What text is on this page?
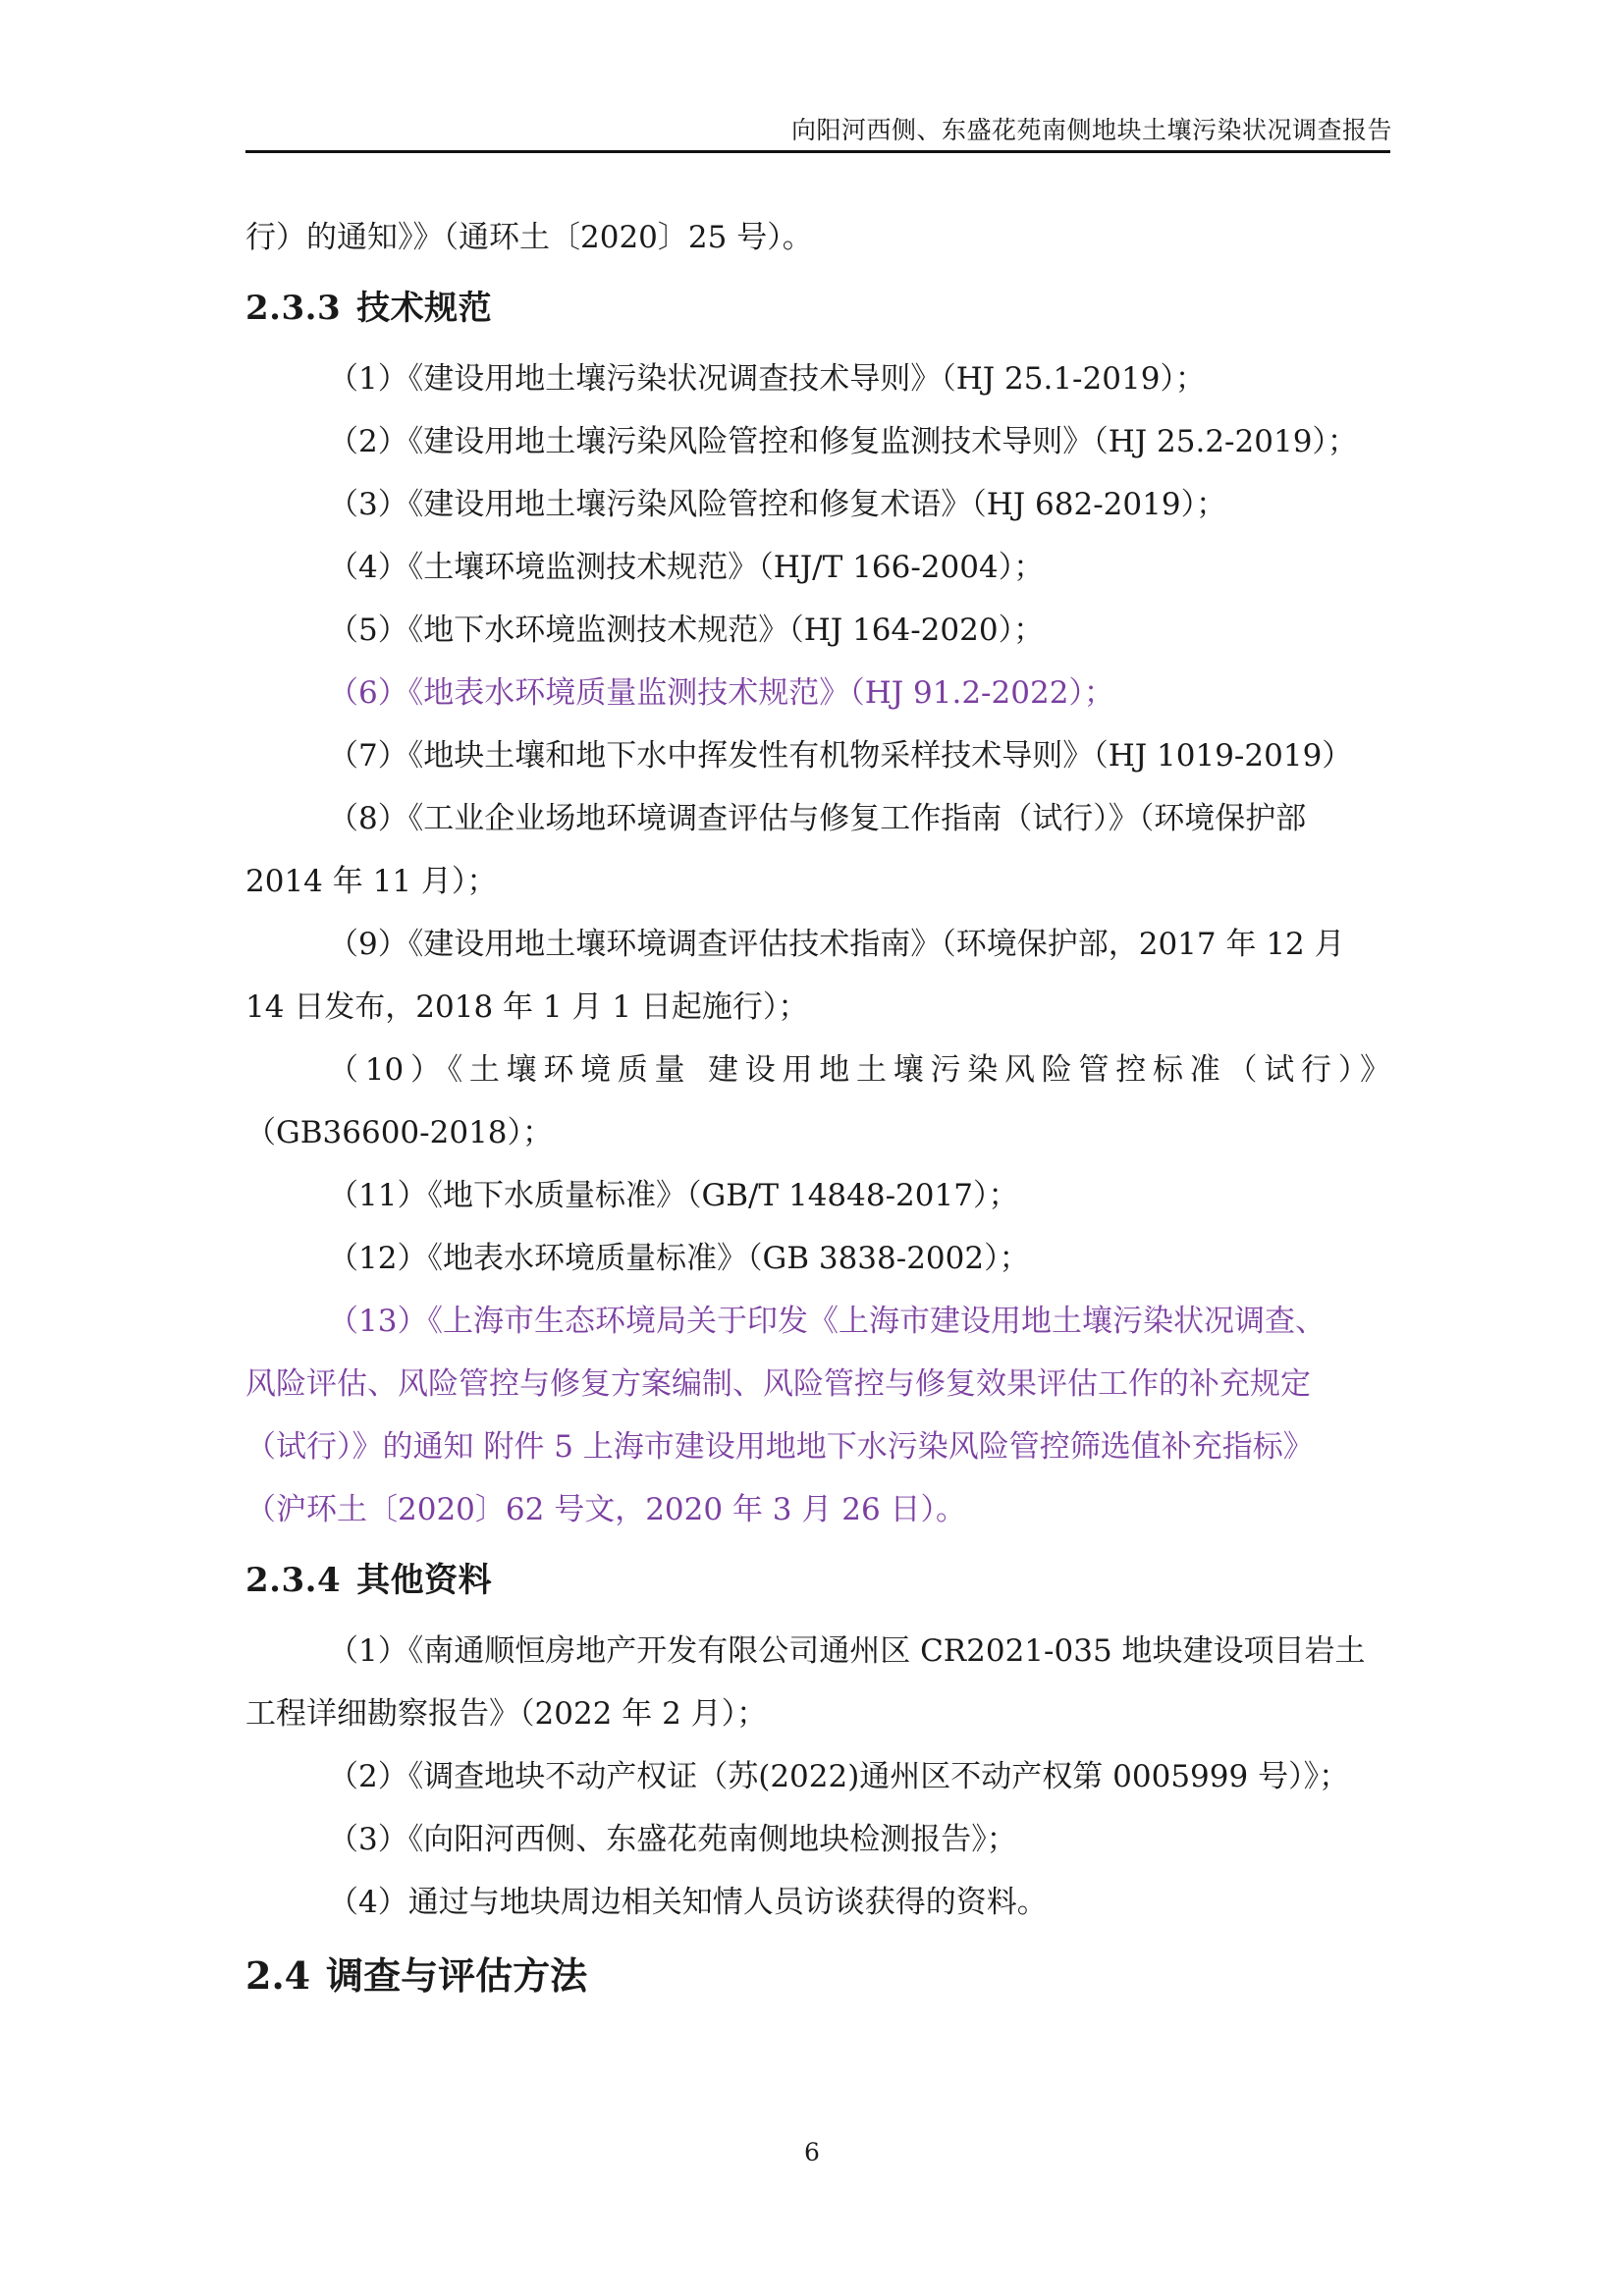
向阳河西侧、东盛花苑南侧地块土壤污染状况调查报告

行）的通知》》（通环土〔2020〕25 号）。

2.3.3 技术规范

（1）《建设用地土壤污染状况调查技术导则》（HJ 25.1-2019）；

（2）《建设用地土壤污染风险管控和修复监测技术导则》（HJ 25.2-2019）；

（3）《建设用地土壤污染风险管控和修复术语》（HJ 682-2019）；

（4）《土壤环境监测技术规范》（HJ/T 166-2004）；

（5）《地下水环境监测技术规范》（HJ 164-2020）；

（6）《地表水环境质量监测技术规范》（HJ 91.2-2022）；

（7）《地块土壤和地下水中挥发性有机物采样技术导则》（HJ 1019-2019）

（8）《工业企业场地环境调查评估与修复工作指南（试行）》（环境保护部

2014 年 11 月）；

（9）《建设用地土壤环境调查评估技术指南》（环境保护部，2017 年 12 月

14 日发布，2018 年 1 月 1 日起施行）；

（10）《土壤环境质量 建设用地土壤污染风险管控标准（试行）》

（GB36600-2018）；

（11）《地下水质量标准》（GB/T 14848-2017）；

（12）《地表水环境质量标准》（GB 3838-2002）；

（13）《上海市生态环境局关于印发《上海市建设用地土壤污染状况调查、

风险评估、风险管控与修复方案编制、风险管控与修复效果评估工作的补充规定

（试行）》的通知 附件 5 上海市建设用地地下水污染风险管控筛选值补充指标》

（沪环土〔2020〕62 号文，2020 年 3 月 26 日）。

2.3.4 其他资料

（1）《南通顺恒房地产开发有限公司通州区 CR2021-035 地块建设项目岩土

工程详细勘察报告》（2022 年 2 月）；

（2）《调查地块不动产权证（苏(2022)通州区不动产权第 0005999 号）》；

（3）《向阳河西侧、东盛花苑南侧地块检测报告》；

（4）通过与地块周边相关知情人员访谈获得的资料。

2.4 调查与评估方法
6
